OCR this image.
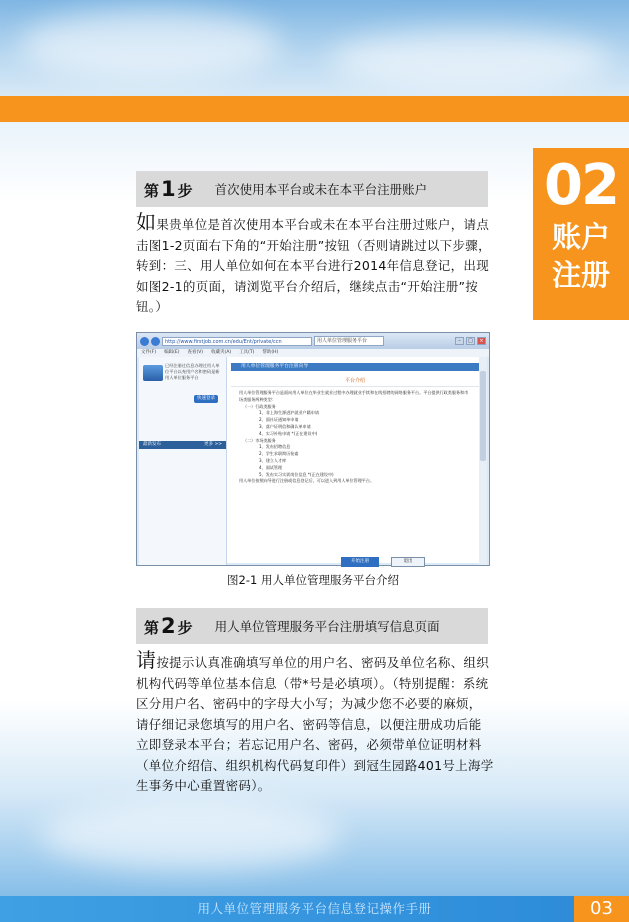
02
账户
注册
第1 步 首次使用本平台或未在本平台注册账户
如果贵单位是首次使用本平台或未在本平台注册过账户，请点击图1-2页面右下角的“开始注册”按钮（否则请跳过以下步骤，转到：三、用人单位如何在本平台进行2014年信息登记，出现如图2-1的页面，请浏览平台介绍后，继续点击“开始注册”按钮。）
http://www.firstjob.com.cn/edu/Ent/private/ccn	用人单位管理服务平台	–	□	×
文件(F) 编辑(E) 查看(V) 收藏夹(A) 工具(T) 帮助(H)
已经注册过信息办理过用人单位平台以充用户名和密码是新用人单位服务平台
快速登录
最新发布	更多 >>
用人单位管理服务平台注册向导
平台介绍
用人单位管理服务平台是面向用人单位在毕业生就业过程中办理就业手续和在线招聘的网络服务平台。平台提供行政类服务和市场类服务两种类型：
（一）行政类服务
1、非上海生源进沪就业户籍申请
2、面社证通知单申请
3、落户证明信和确认单申请
4、实习补贴申请 *(正在建设中)
（二）市场类服务
1、发布招聘信息
2、学生求职简历检索
3、建立人才库
4、面试管理
5、发布实习实训岗位信息 *(正在建设中)
用人单位按照向导进行注册或信息登记后，可以进入到用人单位管理平台。
开始注册	退出
图2-1 用人单位管理服务平台介绍
第2 步 用人单位管理服务平台注册填写信息页面
请按提示认真准确填写单位的用户名、密码及单位名称、组织机构代码等单位基本信息（带*号是必填项）。（特别提醒：系统区分用户名、密码中的字母大小写；为减少您不必要的麻烦，请仔细记录您填写的用户名、密码等信息，以便注册成功后能立即登录本平台；若忘记用户名、密码，必须带单位证明材料（单位介绍信、组织机构代码复印件）到冠生园路401号上海学生事务中心重置密码）。
用人单位管理服务平台信息登记操作手册	03
